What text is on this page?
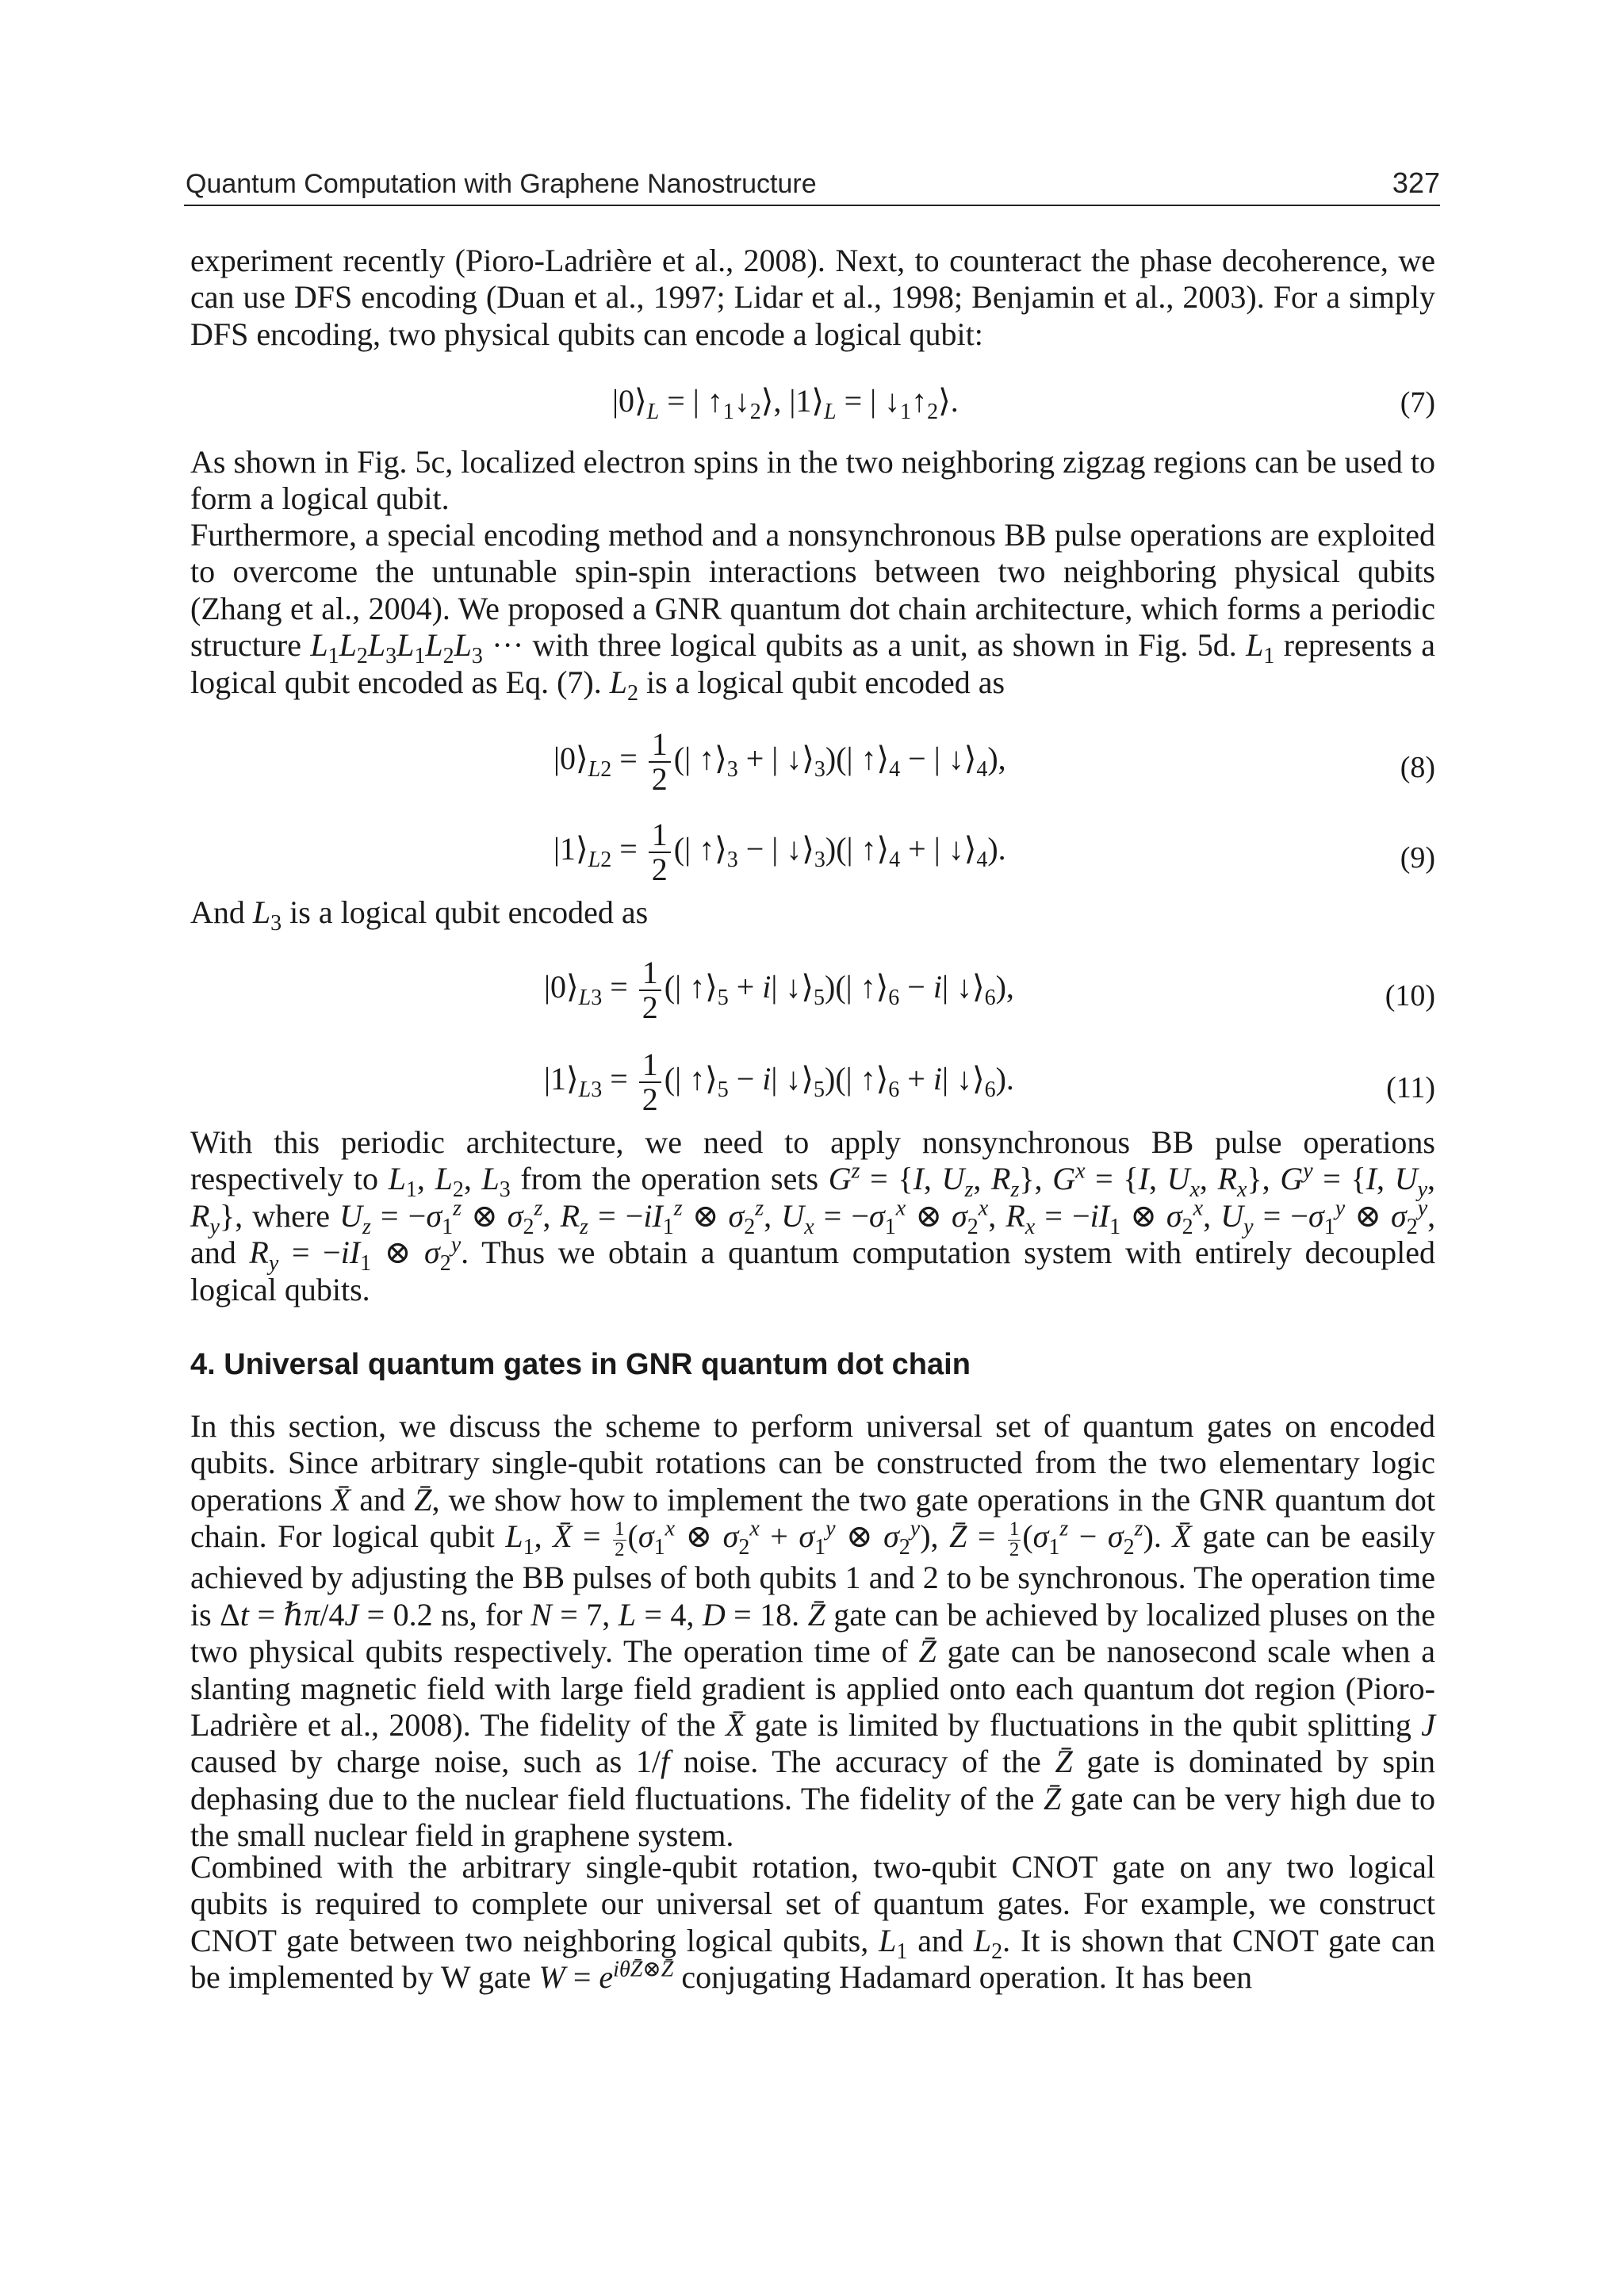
Quantum Computation with Graphene Nanostructure	327

experiment recently (Pioro-Ladrière et al., 2008). Next, to counteract the phase decoherence, we can use DFS encoding (Duan et al., 1997; Lidar et al., 1998; Benjamin et al., 2003). For a simply DFS encoding, two physical qubits can encode a logical qubit:

$|0⟩_L$ = | $↑_1↓_2⟩$, $|1⟩_L$ = | $↓_1↑_2⟩$.	(7)

As shown in Fig. 5c, localized electron spins in the two neighboring zigzag regions can be used to form a logical qubit.

Furthermore, a special encoding method and a nonsynchronous BB pulse operations are exploited to overcome the untunable spin-spin interactions between two neighboring physical qubits (Zhang et al., 2004). We proposed a GNR quantum dot chain architecture, which forms a periodic structure $L_1L_2L_3L_1L_2L_3$ ··· with three logical qubits as a unit, as shown in Fig. 5d. $L_1$ represents a logical qubit encoded as Eq. (7). $L_2$ is a logical qubit encoded as

$|0⟩_{L2} = \frac{1}{2}$ (| $↑⟩_3$ + | $↓⟩_3)(|$ $↑⟩_4$ − | $↓⟩_4$),	(8)
$|1⟩_{L2} = \frac{1}{2}$ (| $↑⟩_3$ − | $↓⟩_3)(|$ $↑⟩_4$ + | $↓⟩_4$).	(9)

And $L_3$ is a logical qubit encoded as

$|0⟩_{L3} = \frac{1}{2}$ (| $↑⟩_5 + i|$ $↓⟩_5)(|$ $↑⟩_6 - i|$ $↓⟩_6$),	(10)
$|1⟩_{L3} = \frac{1}{2}$ (| $↑⟩_5 - i|$ $↓⟩_5)(|$ $↑⟩_6 + i|$ $↓⟩_6$).	(11)

With this periodic architecture, we need to apply nonsynchronous BB pulse operations respectively to $L_1$, $L_2$, $L_3$ from the operation sets $G^z = \{I$, $U_z$, $R_z$}, $G^x = \{I$, $U_x$, $R_x$}, $G^y = \{I$, $U_y$, $R_y$}, where $U_z = -\sigma_1^z$ ⊗ $\sigma_2^z$, $R_z = -iI_1^z$ ⊗ $\sigma_2^z$, $U_x = -\sigma_1^x$ ⊗ $\sigma_2^x$, $R_x = -iI_1$ ⊗ $\sigma_2^x$, $U_y = -\sigma_1^y$ ⊗ $\sigma_2^y$, and $R_y = -iI_1$ ⊗ $\sigma_2^y$. Thus we obtain a quantum computation system with entirely decoupled logical qubits.

4. Universal quantum gates in GNR quantum dot chain

In this section, we discuss the scheme to perform universal set of quantum gates on encoded qubits. Since arbitrary single-qubit rotations can be constructed from the two elementary logic operations X̄ and Z̄, we show how to implement the two gate operations in the GNR quantum dot chain. For logical qubit $L_1$, X̄ = $\frac{1}{2} (\sigma_1^x$ ⊗ $\sigma_2^x + \sigma_1^y$ ⊗ $\sigma_2^y$), Z̄ = $\frac{1}{2} (\sigma_1^z - \sigma_2^z)$. X̄ gate can be easily achieved by adjusting the BB pulses of both qubits 1 and 2 to be synchronous. The operation time is Δt = ℏπ/4J = 0.2 ns, for N = 7, L = 4, D = 18. Z̄ gate can be achieved by localized pluses on the two physical qubits respectively. The operation time of Z̄ gate can be nanosecond scale when a slanting magnetic field with large field gradient is applied onto each quantum dot region (Pioro-Ladrière et al., 2008). The fidelity of the X̄ gate is limited by fluctuations in the qubit splitting J caused by charge noise, such as 1/f noise. The accuracy of the Z̄ gate is dominated by spin dephasing due to the nuclear field fluctuations. The fidelity of the Z̄ gate can be very high due to the small nuclear field in graphene system.

Combined with the arbitrary single-qubit rotation, two-qubit CNOT gate on any two logical qubits is required to complete our universal set of quantum gates. For example, we construct CNOT gate between two neighboring logical qubits, $L_1$ and $L_2$. It is shown that CNOT gate can be implemented by W gate $W = e^{i\theta Z̄\otimes Z̄}$ conjugating Hadamard operation. It has been
